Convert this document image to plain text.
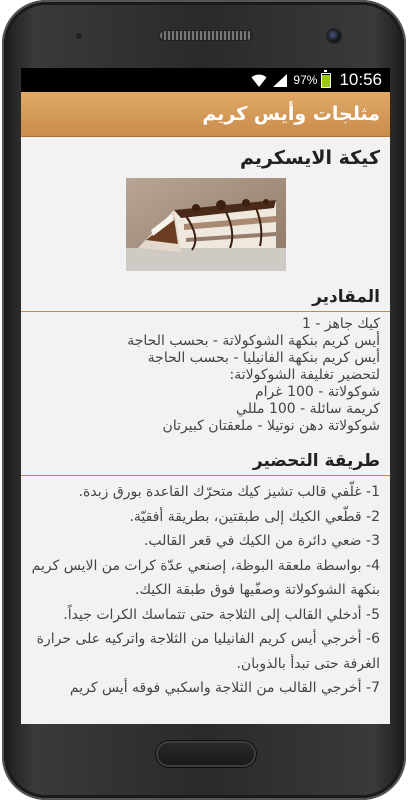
97% 10:56
مثلجات وأيس كريم
كيكة الايسكريم
المقادير
كيك جاهز - 1
أيس كريم بنكهة الشوكولاتة - بحسب الحاجة
أيس كريم بنكهة الفانيليا - بحسب الحاجة
لتحضير تغليفة الشوكولاتة:
شوكولاتة - 100 غرام
كريمة سائلة - 100 مللي
شوكولاتة دهن نوتيلا - ملعقتان كبيرتان
طريقة التحضير
1- غلّفي قالب تشيز كيك متحرّك القاعدة بورق زبدة.
2- قطّعي الكيك إلى طبقتين، بطريقة أفقيّة.
3- ضعي دائرة من الكيك في قعر القالب.
4- بواسطة ملعقة البوظة، إصنعي عدّة كرات من الايس كريم بنكهة الشوكولاتة وصفّيها فوق طبقة الكيك.
5- أدخلي القالب إلى الثلاجة حتى تتماسك الكرات جيداً.
6- أخرجي أيس كريم الفانيليا من الثلاجة واتركيه على حرارة الغرفة حتى تبدأ بالذوبان.
7- أخرجي القالب من الثلاجة واسكبي فوقه أيس كريم
